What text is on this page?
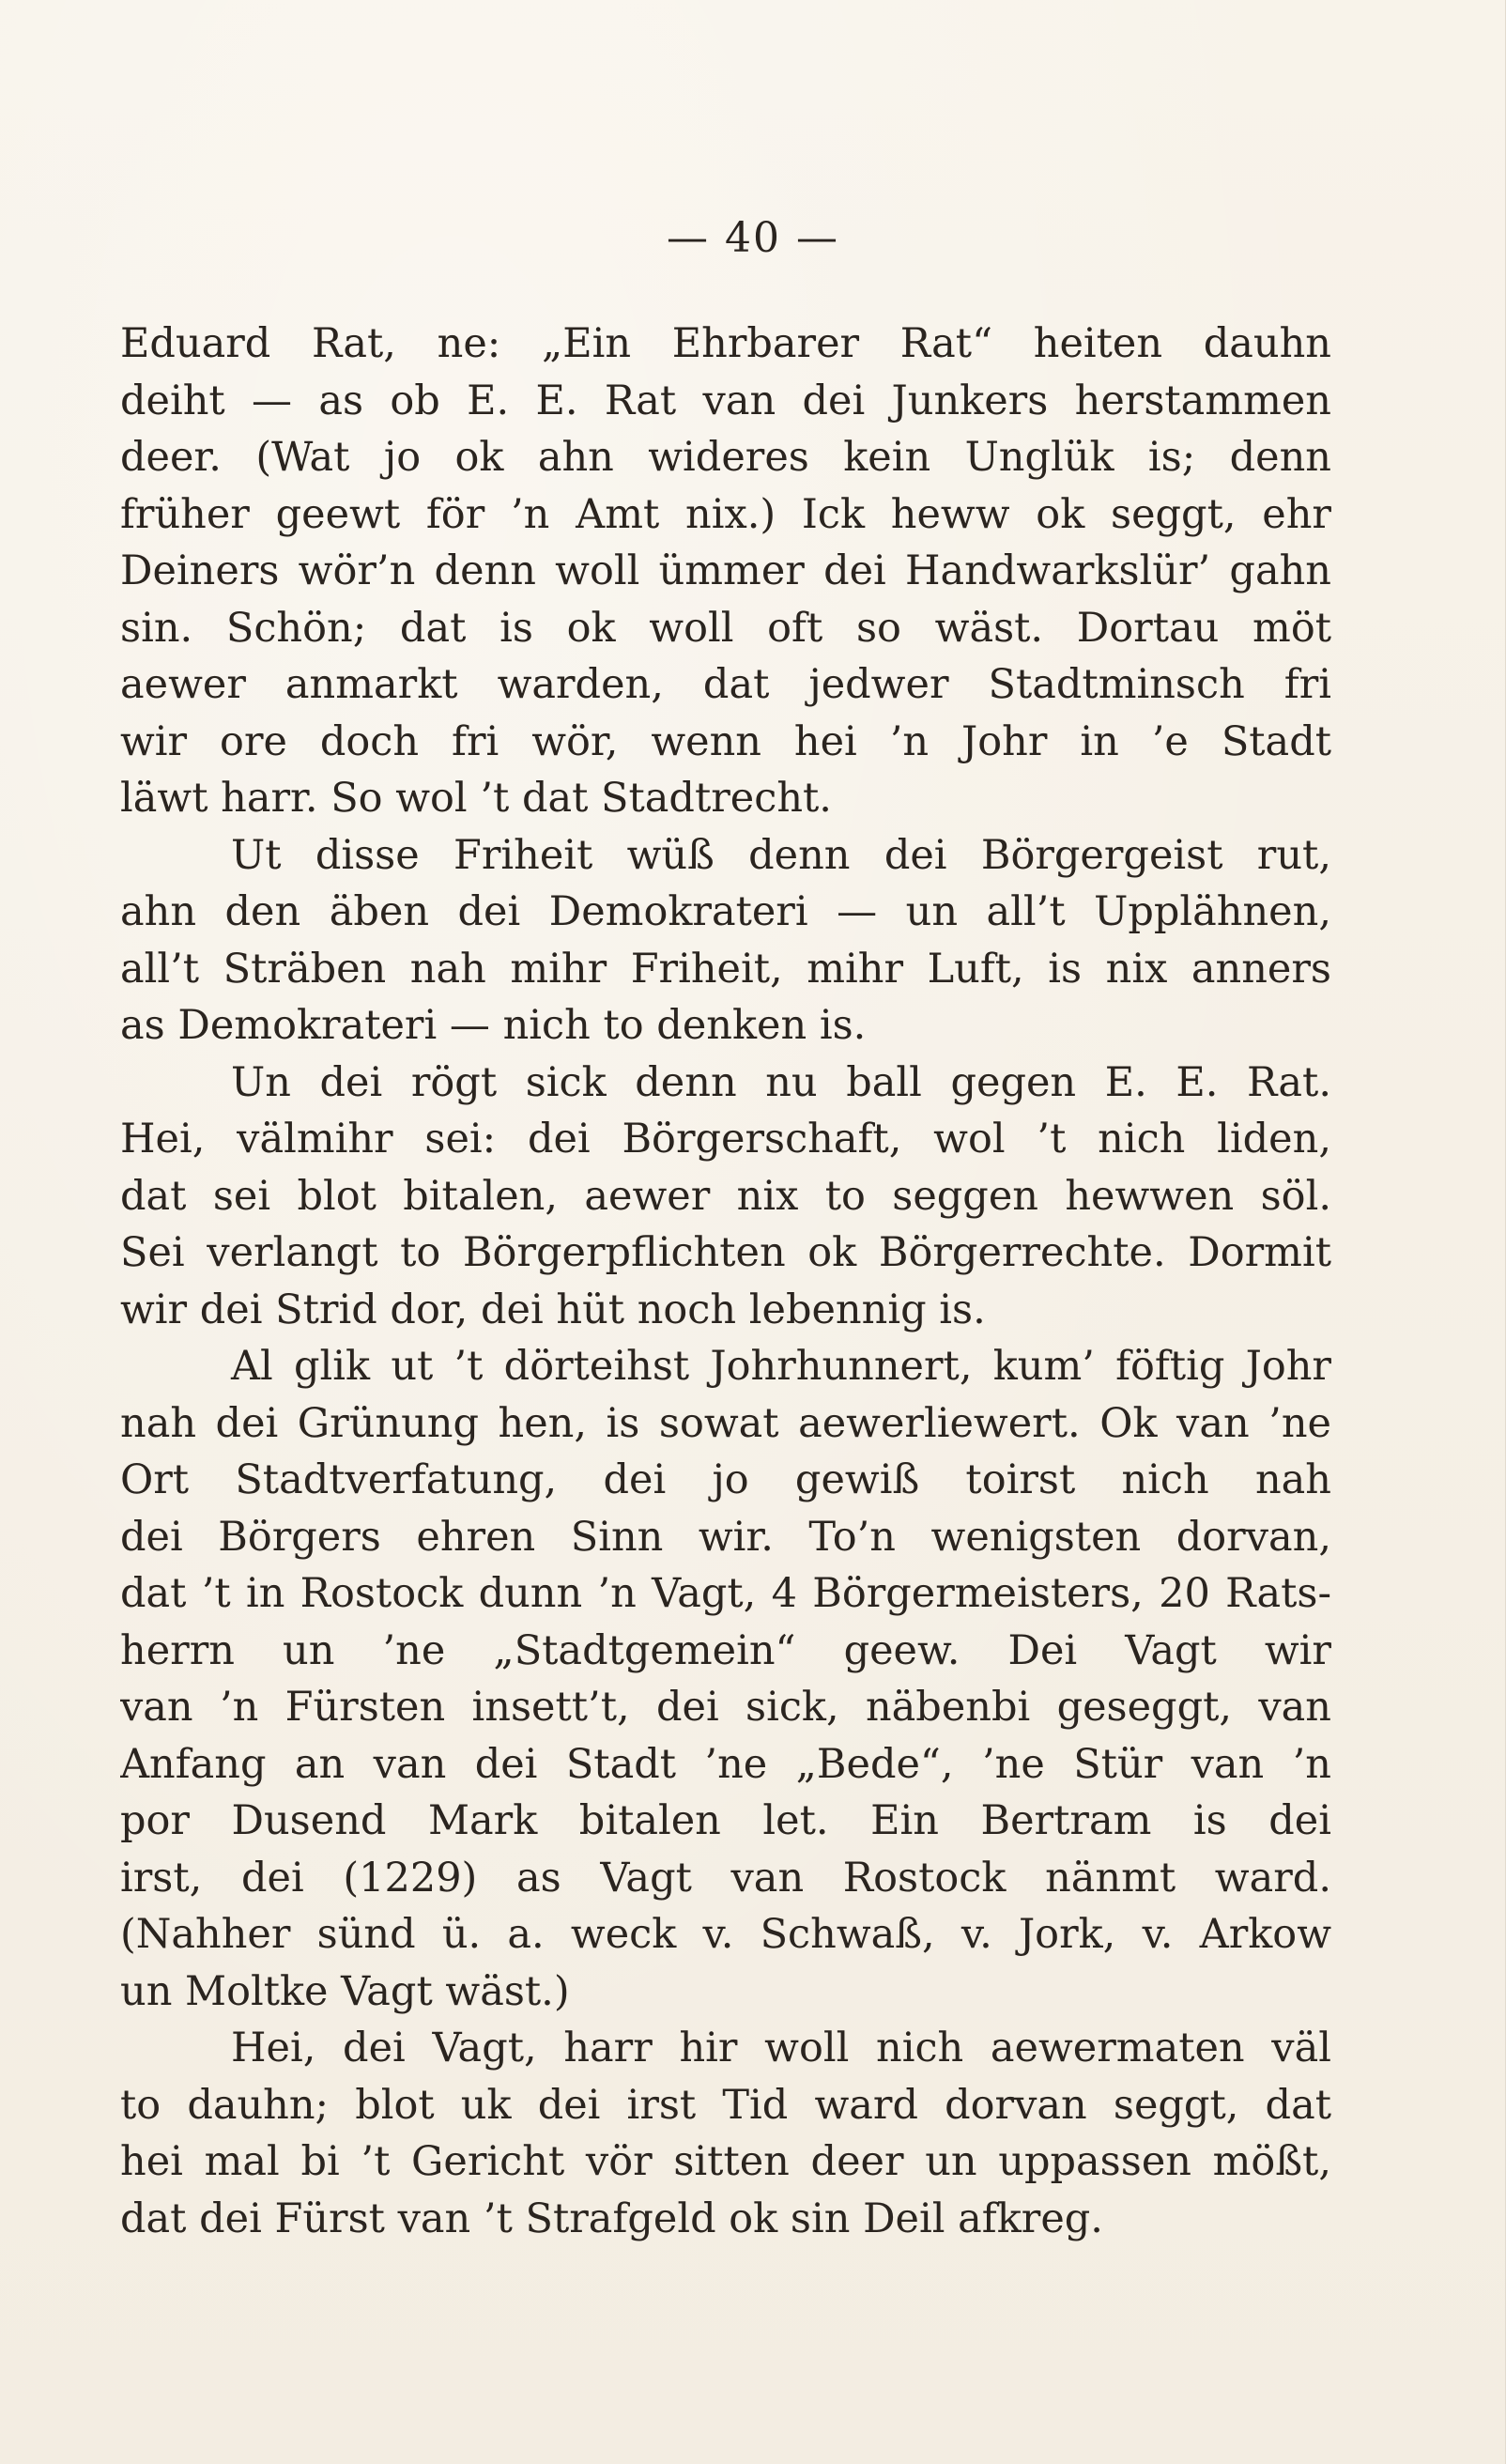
— 40 —
Eduard Rat, ne: „Ein Ehrbarer Rat“ heiten dauhn
deiht — as ob E. E. Rat van dei Junkers herstammen
deer. (Wat jo ok ahn wideres kein Unglük is; denn
früher geewt för ’n Amt nix.) Ick heww ok seggt, ehr
Deiners wör’n denn woll ümmer dei Handwarkslür’ gahn
sin. Schön; dat is ok woll oft so wäst. Dortau möt
aewer anmarkt warden, dat jedwer Stadtminsch fri
wir ore doch fri wör, wenn hei ’n Johr in ’e Stadt
läwt harr. So wol ’t dat Stadtrecht.
Ut disse Friheit wüß denn dei Börgergeist rut,
ahn den äben dei Demokrateri — un all’t Upplähnen,
all’t Sträben nah mihr Friheit, mihr Luft, is nix anners
as Demokrateri — nich to denken is.
Un dei rögt sick denn nu ball gegen E. E. Rat.
Hei, välmihr sei: dei Börgerschaft, wol ’t nich liden,
dat sei blot bitalen, aewer nix to seggen hewwen söl.
Sei verlangt to Börgerpflichten ok Börgerrechte. Dormit
wir dei Strid dor, dei hüt noch lebennig is.
Al glik ut ’t dörteihst Johrhunnert, kum’ föftig Johr
nah dei Grünung hen, is sowat aewerliewert. Ok van ’ne
Ort Stadtverfatung, dei jo gewiß toirst nich nah
dei Börgers ehren Sinn wir. To’n wenigsten dorvan,
dat ’t in Rostock dunn ’n Vagt, 4 Börgermeisters, 20 Rats-
herrn un ’ne „Stadtgemein“ geew. Dei Vagt wir
van ’n Fürsten insett’t, dei sick, näbenbi geseggt, van
Anfang an van dei Stadt ’ne „Bede“, ’ne Stür van ’n
por Dusend Mark bitalen let. Ein Bertram is dei
irst, dei (1229) as Vagt van Rostock nänmt ward.
(Nahher sünd ü. a. weck v. Schwaß, v. Jork, v. Arkow
un Moltke Vagt wäst.)
Hei, dei Vagt, harr hir woll nich aewermaten väl
to dauhn; blot uk dei irst Tid ward dorvan seggt, dat
hei mal bi ’t Gericht vör sitten deer un uppassen mößt,
dat dei Fürst van ’t Strafgeld ok sin Deil afkreg.
